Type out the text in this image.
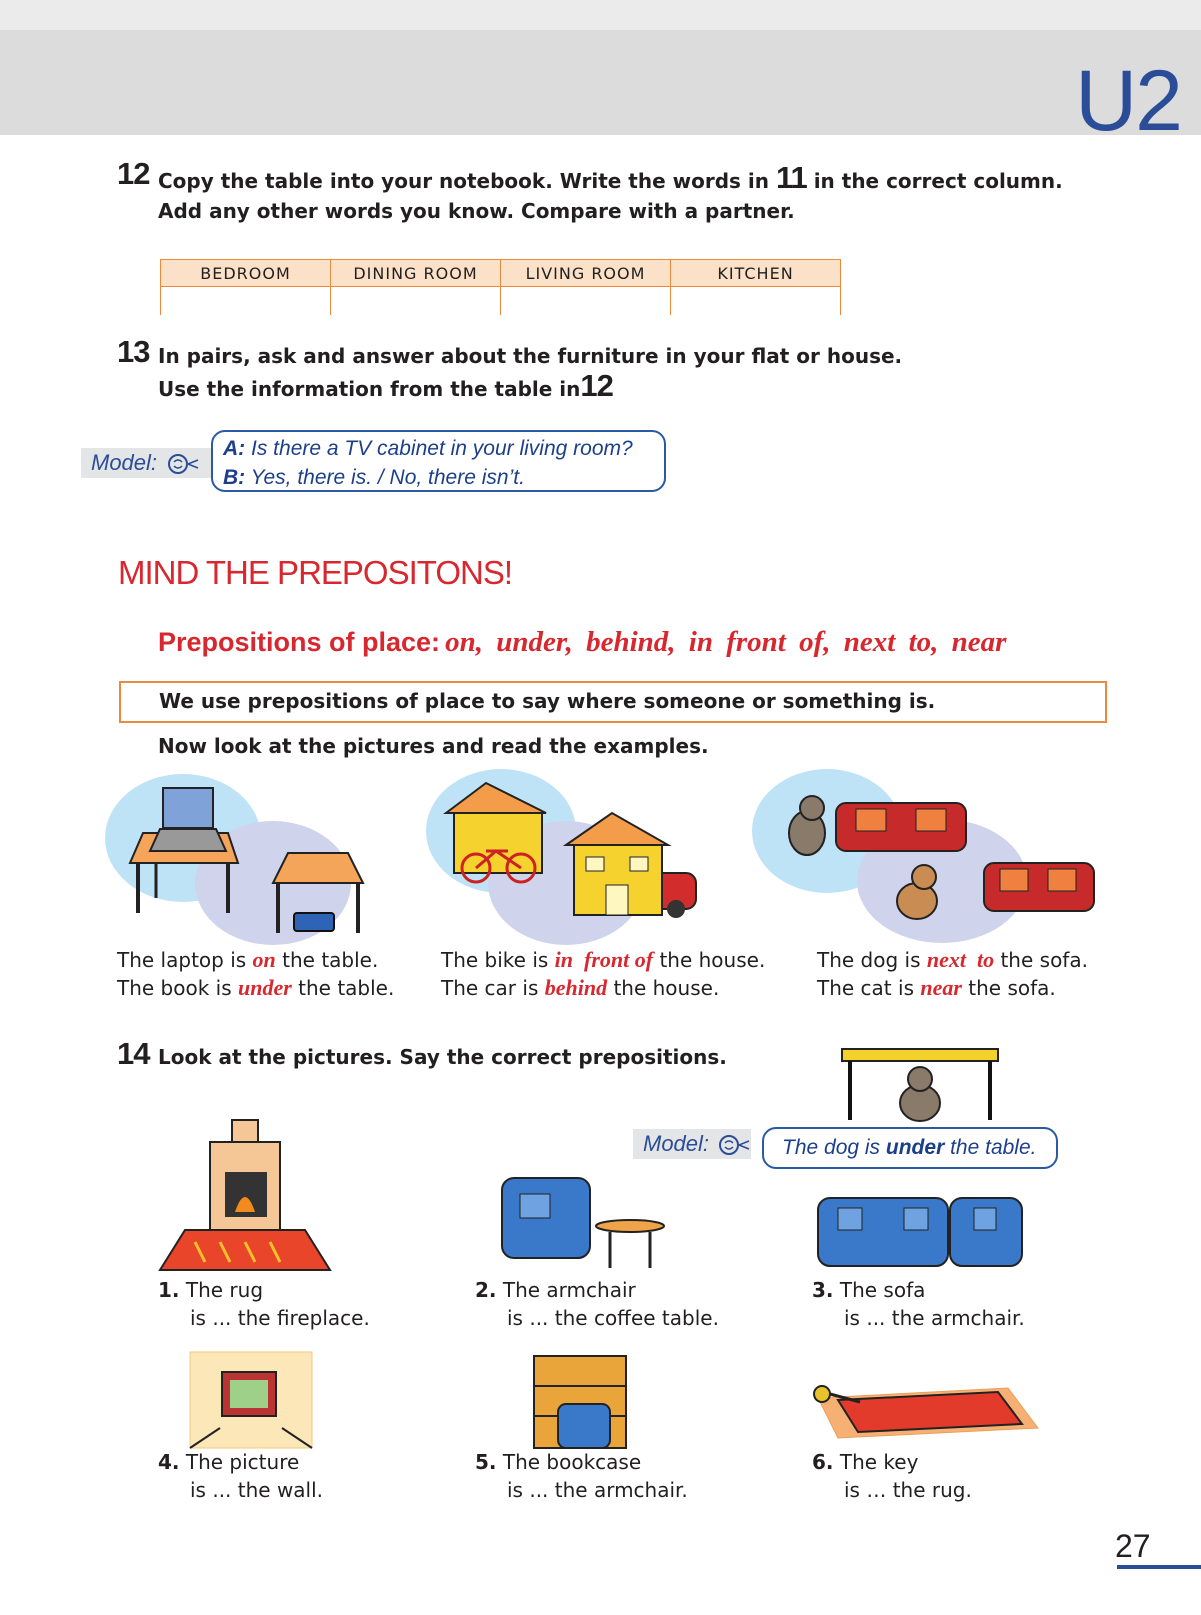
U2
12 Copy the table into your notebook. Write the words in 11 in the correct column.
Add any other words you know. Compare with a partner.
BEDROOM	DINING ROOM	LIVING ROOM	KITCHEN

13 In pairs, ask and answer about the furniture in your flat or house.
Use the information from the table in12
Model:
A: Is there a TV cabinet in your living room?
B: Yes, there is. / No, there isn’t.
MIND THE PREPOSITONS!
Prepositions of place: on, under, behind, in front of, next to, near
We use prepositions of place to say where someone or something is.
Now look at the pictures and read the examples.
The laptop is on the table.
The book is under the table.
The bike is in  front of the house.
The car is behind the house.
The dog is next  to the sofa.
The cat is near the sofa.
14 Look at the pictures. Say the correct prepositions.
Model:	The dog is under the table.
1. The rug
is ... the fireplace.
2. The armchair
is ... the coffee table.
3. The sofa
is ... the armchair.
4. The picture
is ... the wall.
5. The bookcase
is ... the armchair.
6. The key
is … the rug.
27
